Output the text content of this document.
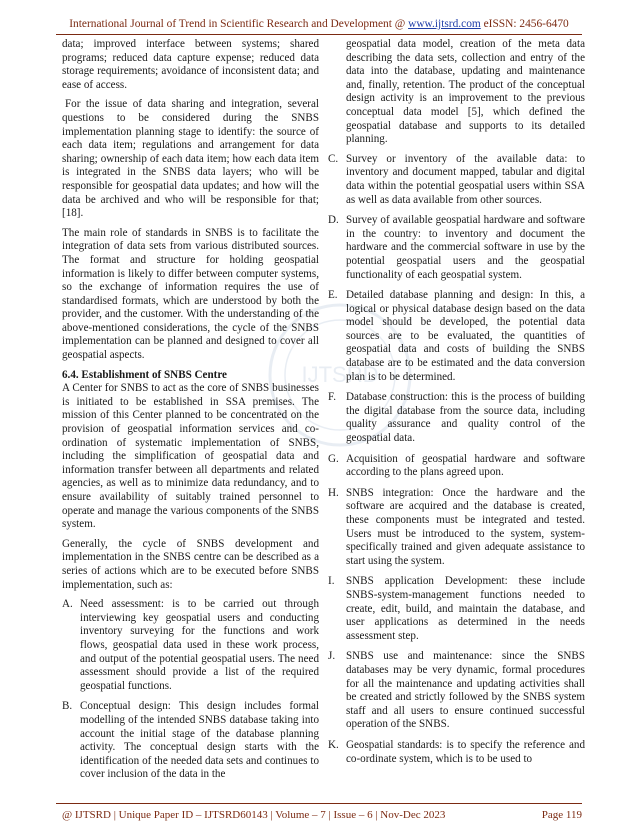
International Journal of Trend in Scientific Research and Development @ www.ijtsrd.com eISSN: 2456-6470
IJTSRD

data; improved interface between systems; shared programs; reduced data capture expense; reduced data storage requirements; avoidance of inconsistent data; and ease of access.

For the issue of data sharing and integration, several questions to be considered during the SNBS implementation planning stage to identify: the source of each data item; regulations and arrangement for data sharing; ownership of each data item; how each data item is integrated in the SNBS data layers; who will be responsible for geospatial data updates; and how will the data be archived and who will be responsible for that; [18].

The main role of standards in SNBS is to facilitate the integration of data sets from various distributed sources. The format and structure for holding geospatial information is likely to differ between computer systems, so the exchange of information requires the use of standardised formats, which are understood by both the provider, and the customer. With the understanding of the above-mentioned considerations, the cycle of the SNBS implementation can be planned and designed to cover all geospatial aspects.

6.4. Establishment of SNBS Centre

A Center for SNBS to act as the core of SNBS businesses is initiated to be established in SSA premises. The mission of this Center planned to be concentrated on the provision of geospatial information services and co-ordination of systematic implementation of SNBS, including the simplification of geospatial data and information transfer between all departments and related agencies, as well as to minimize data redundancy, and to ensure availability of suitably trained personnel to operate and manage the various components of the SNBS system.

Generally, the cycle of SNBS development and implementation in the SNBS centre can be described as a series of actions which are to be executed before SNBS implementation, such as:

A. Need assessment: is to be carried out through interviewing key geospatial users and conducting inventory surveying for the functions and work flows, geospatial data used in these work process, and output of the potential geospatial users. The need assessment should provide a list of the required geospatial functions.
B. Conceptual design: This design includes formal modelling of the intended SNBS database taking into account the initial stage of the database planning activity. The conceptual design starts with the identification of the needed data sets and continues to cover inclusion of the data in the

geospatial data model, creation of the meta data describing the data sets, collection and entry of the data into the database, updating and maintenance and, finally, retention. The product of the conceptual design activity is an improvement to the previous conceptual data model [5], which defined the geospatial database and supports to its detailed planning.

C. Survey or inventory of the available data: to inventory and document mapped, tabular and digital data within the potential geospatial users within SSA as well as data available from other sources.
D. Survey of available geospatial hardware and software in the country: to inventory and document the hardware and the commercial software in use by the potential geospatial users and the geospatial functionality of each geospatial system.
E. Detailed database planning and design: In this, a logical or physical database design based on the data model should be developed, the potential data sources are to be evaluated, the quantities of geospatial data and costs of building the SNBS database are to be estimated and the data conversion plan is to be determined.
F. Database construction: this is the process of building the digital database from the source data, including quality assurance and quality control of the geospatial data.
G. Acquisition of geospatial hardware and software according to the plans agreed upon.
H. SNBS integration: Once the hardware and the software are acquired and the database is created, these components must be integrated and tested. Users must be introduced to the system, system-specifically trained and given adequate assistance to start using the system.
I.	SNBS application Development: these include SNBS-system-management functions needed to create, edit, build, and maintain the database, and user applications as determined in the needs assessment step.
J. SNBS use and maintenance: since the SNBS databases may be very dynamic, formal procedures for all the maintenance and updating activities shall be created and strictly followed by the SNBS system staff and all users to ensure continued successful operation of the SNBS.
K. Geospatial standards: is to specify the reference and co-ordinate system, which is to be used to
@ IJTSRD | Unique Paper ID – IJTSRD60143 | Volume – 7 | Issue – 6 | Nov-Dec 2023	Page 119
